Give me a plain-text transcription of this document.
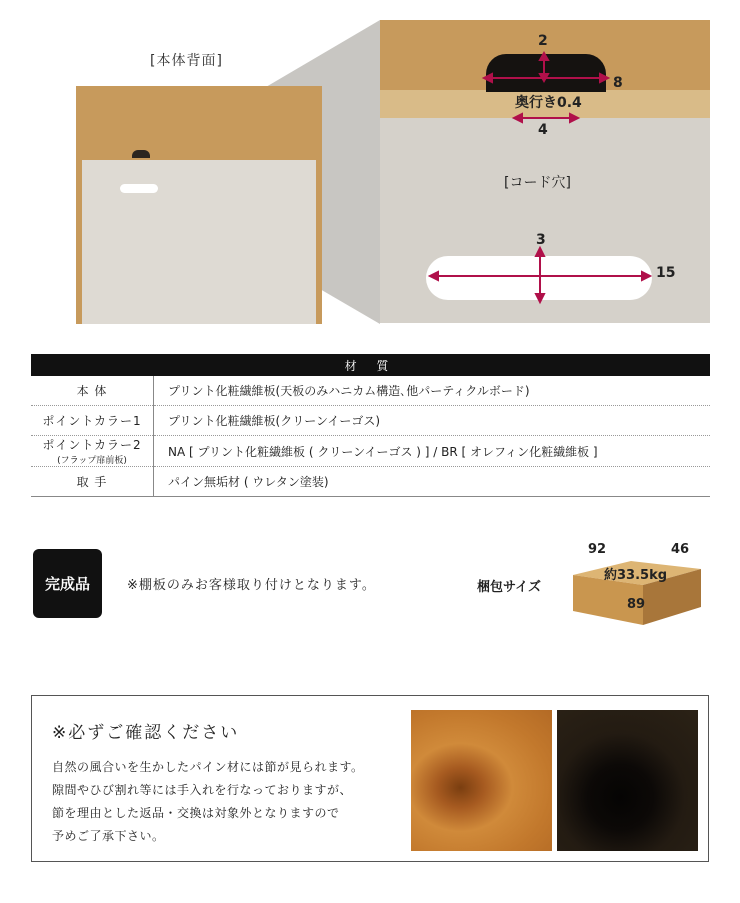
[本体背面]
2
8
奥行き0.4
4
[コード穴]
3
15
材 質	
本 体	プリント化粧繊維板(天板のみハニカム構造､他パーティクルボード)
ポイントカラー1	プリント化粧繊維板(クリーンイーゴス)
ポイントカラー2
(フラップ扉前板)	NA [ プリント化粧繊維板 ( クリーンイーゴス ) ] / BR [ オレフィン化粧繊維板 ]
取 手	パイン無垢材 ( ウレタン塗装)
完成品	※棚板のみお客様取り付けとなります。	梱包サイズ
92	46
約33.5kg
89
※必ずご確認ください
自然の風合いを生かしたパイン材には節が見られます。
隙間やひび割れ等には手入れを行なっておりますが、
節を理由とした返品・交換は対象外となりますので
予めご了承下さい。
